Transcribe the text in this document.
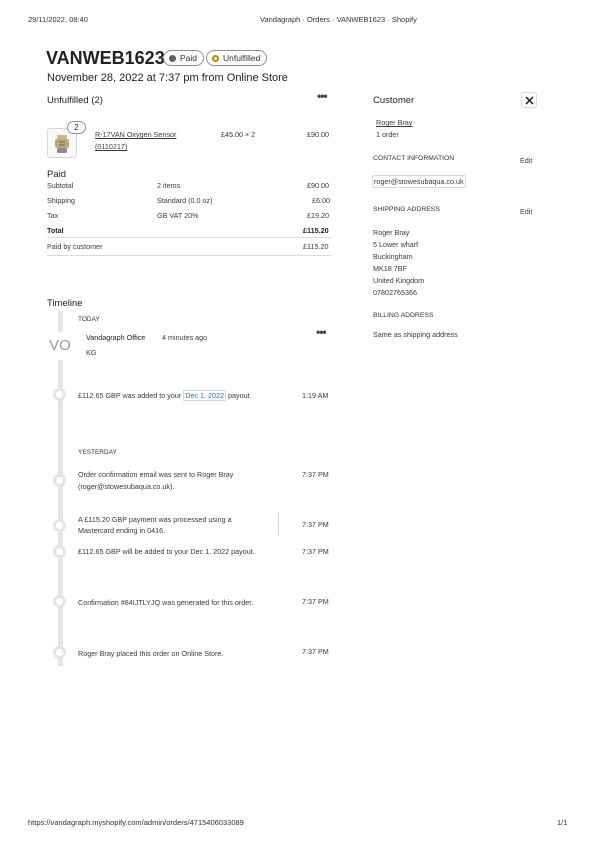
29/11/2022, 08:40	Vandagraph · Orders · VANWEB1623 · Shopify
VANWEB1623 Paid	Unfulfilled
November 28, 2022 at 7:37 pm from Online Store
Unfulfilled (2)	•••
2
R-17VAN Oxygen Sensor
(0110217)
£45.00 × 2	£90.00
Paid
Subtotal	2 items	£90.00
Shipping	Standard (0.0 oz)	£6.00
Tax	GB VAT 20%	£19.20
Total	£115.20
Paid by customer	£115.20
Customer
Roger Bray
1 order
CONTACT INFORMATION	Edit
roger@stowesubaqua.co.uk
SHIPPING ADDRESS	Edit
Roger Bray
5 Lower wharf
Buckingham
MK18 7BF
United Kingdom
07802765366
BILLING ADDRESS
Same as shipping address
Timeline
TODAY
VO	Vandagraph Office 4 minutes ago
KG
•••
£112.65 GBP was added to your Dec 1, 2022 payout.	1:19 AM
YESTERDAY
Order confirmation email was sent to Roger Bray
(roger@stowesubaqua.co.uk).
7:37 PM
A £115.20 GBP payment was processed using a
Mastercard ending in 0416.
7:37 PM
£112.65 GBP will be added to your Dec 1, 2022 payout.	7:37 PM
Confirmation #84IJTLYJQ was generated for this order.	7:37 PM
Roger Bray placed this order on Online Store.	7:37 PM
https://vandagraph.myshopify.com/admin/orders/4715406033089	1/1
